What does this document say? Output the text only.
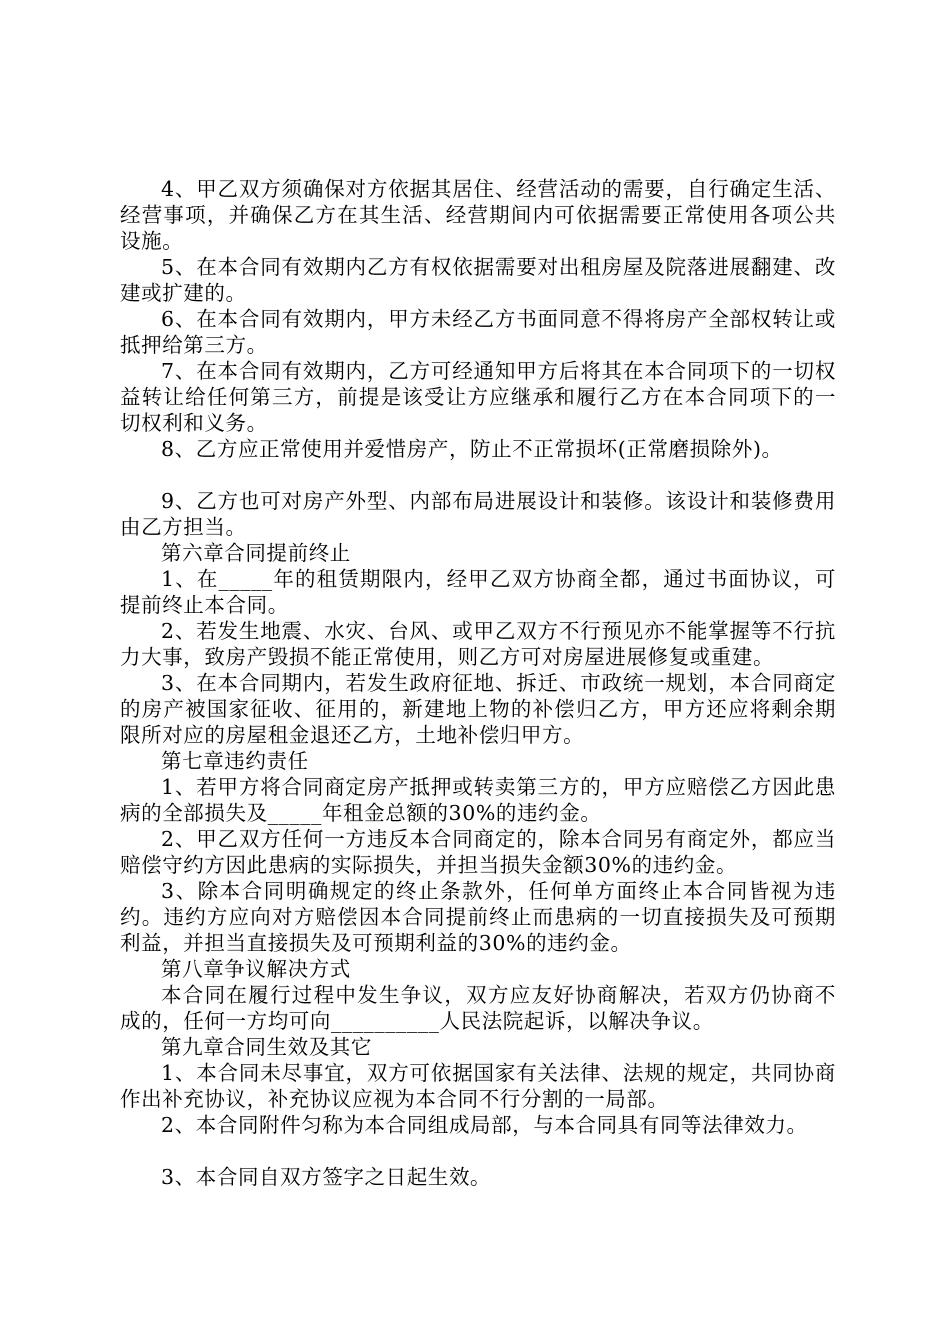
4、甲乙双方须确保对方依据其居住、经营活动的需要，自行确定生活、经营事项，并确保乙方在其生活、经营期间内可依据需要正常使用各项公共设施。

5、在本合同有效期内乙方有权依据需要对出租房屋及院落进展翻建、改建或扩建的。

6、在本合同有效期内，甲方未经乙方书面同意不得将房产全部权转让或抵押给第三方。

7、在本合同有效期内，乙方可经通知甲方后将其在本合同项下的一切权益转让给任何第三方，前提是该受让方应继承和履行乙方在本合同项下的一切权利和义务。

8、乙方应正常使用并爱惜房产，防止不正常损坏(正常磨损除外)。

9、乙方也可对房产外型、内部布局进展设计和装修。该设计和装修费用由乙方担当。

第六章合同提前终止

1、在_____年的租赁期限内，经甲乙双方协商全都，通过书面协议，可提前终止本合同。

2、若发生地震、水灾、台风、或甲乙双方不行预见亦不能掌握等不行抗力大事，致房产毁损不能正常使用，则乙方可对房屋进展修复或重建。

3、在本合同期内，若发生政府征地、拆迁、市政统一规划，本合同商定的房产被国家征收、征用的，新建地上物的补偿归乙方，甲方还应将剩余期限所对应的房屋租金退还乙方，土地补偿归甲方。

第七章违约责任

1、若甲方将合同商定房产抵押或转卖第三方的，甲方应赔偿乙方因此患病的全部损失及_____年租金总额的30%的违约金。

2、甲乙双方任何一方违反本合同商定的，除本合同另有商定外，都应当赔偿守约方因此患病的实际损失，并担当损失金额30%的违约金。

3、除本合同明确规定的终止条款外，任何单方面终止本合同皆视为违约。违约方应向对方赔偿因本合同提前终止而患病的一切直接损失及可预期利益，并担当直接损失及可预期利益的30%的违约金。

第八章争议解决方式

本合同在履行过程中发生争议，双方应友好协商解决，若双方仍协商不成的，任何一方均可向__________人民法院起诉，以解决争议。

第九章合同生效及其它

1、本合同未尽事宜，双方可依据国家有关法律、法规的规定，共同协商作出补充协议，补充协议应视为本合同不行分割的一局部。

2、本合同附件匀称为本合同组成局部，与本合同具有同等法律效力。

3、本合同自双方签字之日起生效。
